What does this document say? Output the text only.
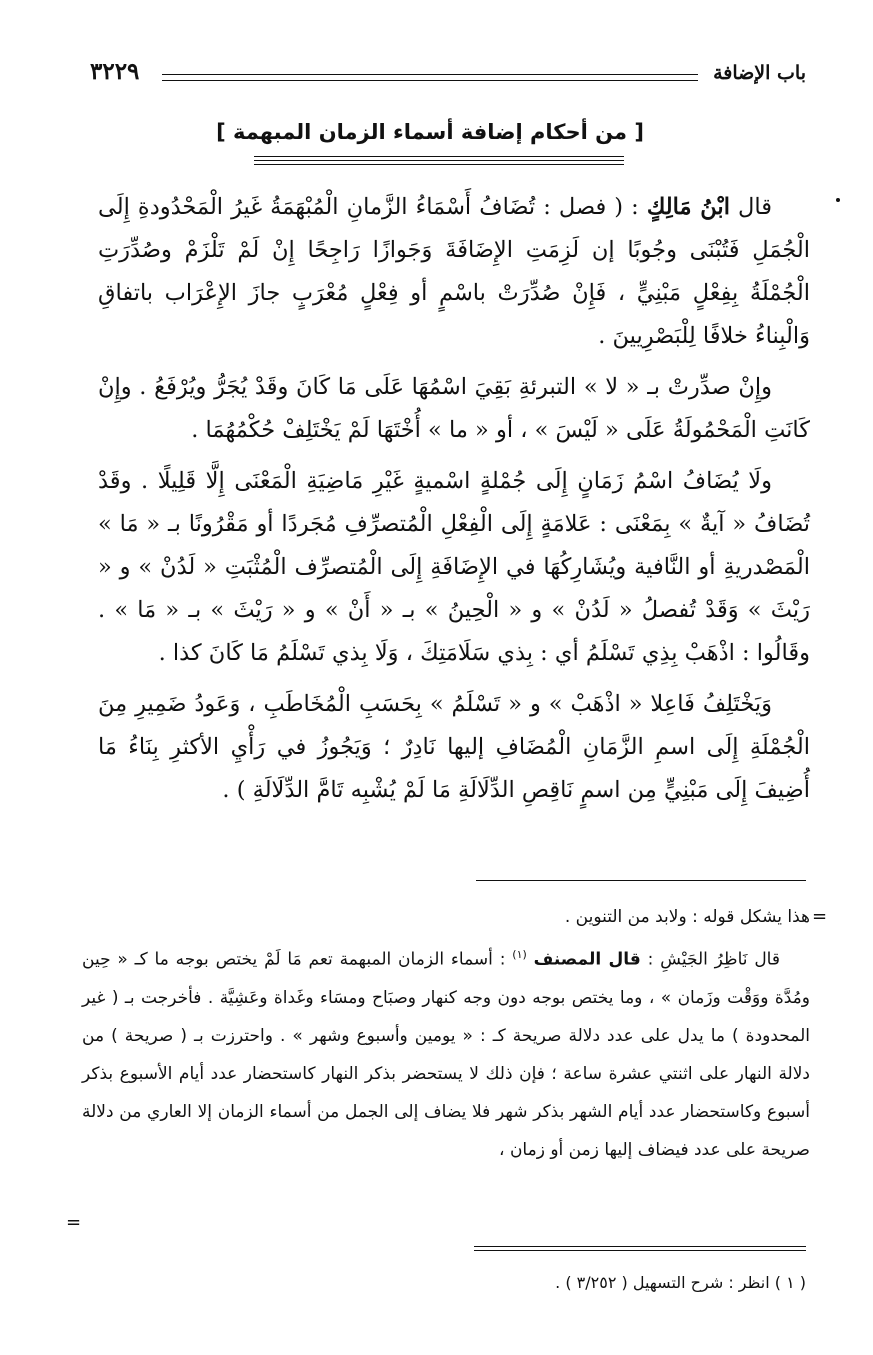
باب الإضافة
٣٢٢٩
[ من أحكام إضافة أسماء الزمان المبهمة ]

قال ابْنُ مَالِكٍ : ( فصل : تُضَافُ أَسْمَاءُ الزَّمانِ الْمُبْهَمَةُ غَيرُ الْمَحْدُودةِ إِلَى الْجُمَلِ فَتُبْنَى وجُوبًا إن لَزِمَتِ الإِضَافَةَ وَجَوازًا رَاجِحًا إِنْ لَمْ تَلْزَمْ وصُدِّرَتِ الْجُمْلَةُ بِفِعْلٍ مَبْنِيٍّ ، فَإِنْ صُدِّرَتْ باسْمٍ أو فِعْلٍ مُعْرَبٍ جازَ الإِعْرَاب باتفاقِ وَالْبِناءُ خلافًا لِلْبَصْرِيينَ .

وإِنْ صدِّرتْ بـ « لا » التبرئةِ بَقِيَ اسْمُهَا عَلَى مَا كَانَ وقَدْ يُجَرُّ ويُرْفَعُ . وإِنْ كَانَتِ الْمَحْمُولَةُ عَلَى « لَيْسَ » ، أو « ما » أُخْتَهَا لَمْ يَخْتَلِفْ حُكْمُهُمَا .

ولَا يُضَافُ اسْمُ زَمَانٍ إِلَى جُمْلةٍ اسْميةٍ غَيْرِ مَاضِيَةِ الْمَعْنَى إِلَّا قَلِيلًا . وقَدْ تُضَافُ « آيةٌ » بِمَعْنَى : عَلامَةٍ إِلَى الْفِعْلِ الْمُتصرِّفِ مُجَردًا أو مَقْرُونًا بـ « مَا » الْمَصْدريةِ أو النَّافية ويُشَارِكُهَا في الإِضَافَةِ إِلَى الْمُتصرِّف الْمُثْبَتِ « لَدُنْ » و « رَيْثَ » وَقَدْ تُفصلُ « لَدُنْ » و « الْحِينُ » بـ « أَنْ » و « رَيْثَ » بـ « مَا » . وقَالُوا : اذْهَبْ بِذِي تَسْلَمُ أي : بِذي سَلَامَتِكَ ، وَلَا بِذي تَسْلَمُ مَا كَانَ كذا .

وَيَخْتَلِفُ فَاعِلا « اذْهَبْ » و « تَسْلَمُ » بِحَسَبِ الْمُخَاطَبِ ، وَعَودُ ضَمِيرِ مِنَ الْجُمْلَةِ إِلَى اسمِ الزَّمَانِ الْمُضَافِ إليها نَادِرٌ ؛ وَيَجُوزُ في رَأْيِ الأكثرِ بِنَاءُ مَا أُضِيفَ إِلَى مَبْنِيٍّ مِن اسمٍ نَاقِصِ الدِّلَالَةِ مَا لَمْ يُشْبِه تَامَّ الدِّلَالَةِ ) .

=
=

هذا يشكل قوله : ولابد من التنوين .

قال نَاظِرُ الجَيْشِ : قال المصنف $^{(١)}$ : أسماء الزمان المبهمة تعم مَا لَمْ يختص بوجه ما كـ « حِين ومُدَّة ووَقْت وزَمان » ، وما يختص بوجه دون وجه كنهار وصبَاح ومسَاء وغَداة وعَشِيَّة . فأخرجت بـ ( غير المحدودة ) ما يدل على عدد دلالة صريحة كـ : « يومين وأسبوع وشهر » . واحترزت بـ ( صريحة ) من دلالة النهار على اثنتي عشرة ساعة ؛ فإن ذلك لا يستحضر بذكر النهار كاستحضار عدد أيام الأسبوع بذكر أسبوع وكاستحضار عدد أيام الشهر بذكر شهر فلا يضاف إلى الجمل من أسماء الزمان إلا العاري من دلالة صريحة على عدد فيضاف إليها زمن أو زمان ،

( ١ ) انظر : شرح التسهيل ( ٣/٢٥٢ ) .
